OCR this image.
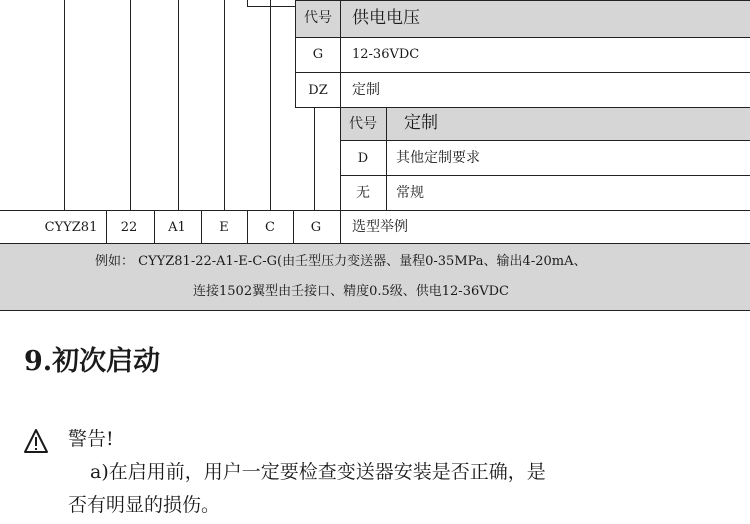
代号 供电电压
G 12-36VDC
DZ 定制
代号 定制
D 其他定制要求
无 常规
CYYZ81 22 A1	E	C	G 选型举例
例如： CYYZ81-22-A1-E-C-G(由壬型压力变送器、量程0-35MPa、输出4-20mA、
连接1502翼型由壬接口、精度0.5级、供电12-36VDC
9.初次启动
警告!
a)在启用前，用户一定要检查变送器安装是否正确，是
否有明显的损伤。
